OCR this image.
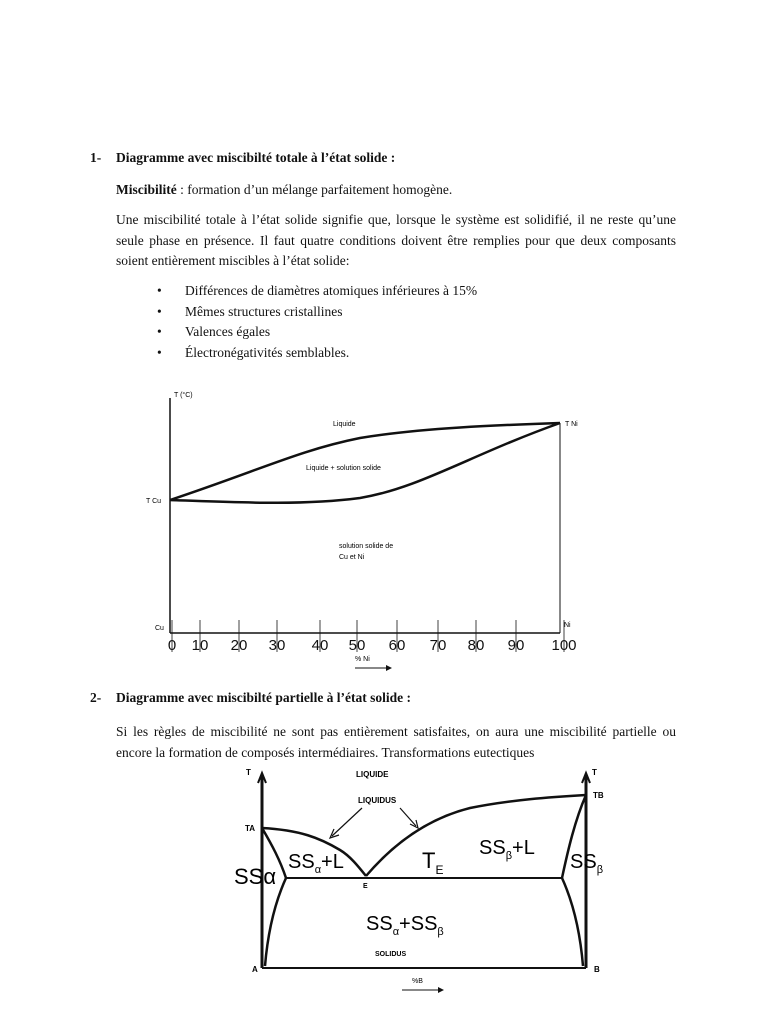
1- Diagramme avec miscibilté totale à l’état solide :
Miscibilité : formation d’un mélange parfaitement homogène.
Une miscibilité totale à l’état solide signifie que, lorsque le système est solidifié, il ne reste qu’une seule phase en présence. Il faut quatre conditions doivent être remplies pour que deux composants soient entièrement miscibles à l’état solide:
• Différences de diamètres atomiques inférieures à 15%
• Mêmes structures cristallines
• Valences égales
• Électronégativités semblables.
T (°C)
T Ni
T Cu
Liquide
Liquide + solution solide
solution solide de
Cu et Ni
Cu	Ni
0 10 20 30 40 50 60 70 80 90 100
% Ni
2- Diagramme avec miscibilté partielle à l’état solide :
Si les règles de miscibilité ne sont pas entièrement satisfaites, on aura une miscibilité partielle ou encore la formation de composés intermédiaires. Transformations eutectiques
T	T
LIQUIDE
LIQUIDUS
TA
TB
SSα
$SS_\alpha+L$	$T_E$
$SS_\beta+L$
$SS_\beta$
E
$SS_\alpha+SS_\beta$
SOLIDUS
A	B
%B
